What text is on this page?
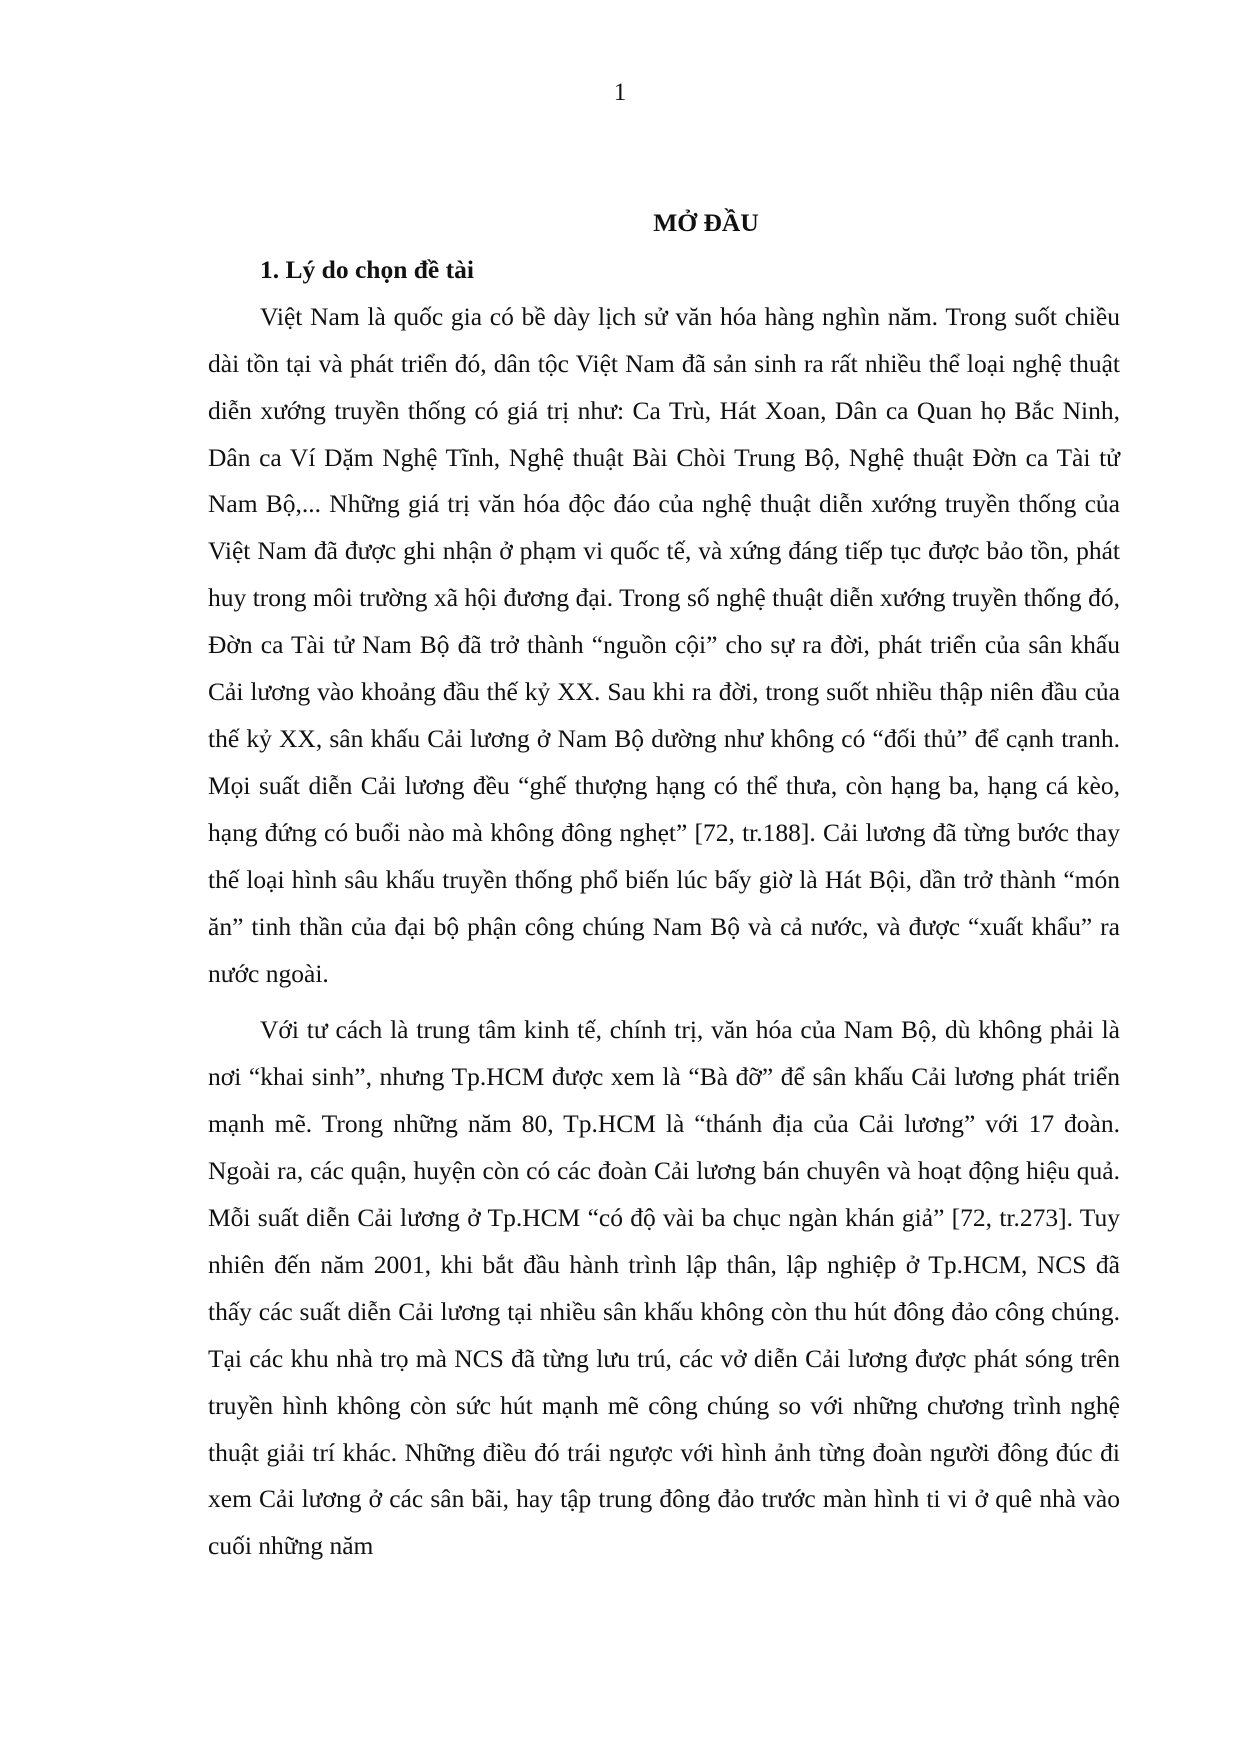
1
MỞ ĐẦU
1. Lý do chọn đề tài

Việt Nam là quốc gia có bề dày lịch sử văn hóa hàng nghìn năm. Trong suốt chiều dài tồn tại và phát triển đó, dân tộc Việt Nam đã sản sinh ra rất nhiều thể loại nghệ thuật diễn xướng truyền thống có giá trị như: Ca Trù, Hát Xoan, Dân ca Quan họ Bắc Ninh, Dân ca Ví Dặm Nghệ Tĩnh, Nghệ thuật Bài Chòi Trung Bộ, Nghệ thuật Đờn ca Tài tử Nam Bộ,... Những giá trị văn hóa độc đáo của nghệ thuật diễn xướng truyền thống của Việt Nam đã được ghi nhận ở phạm vi quốc tế, và xứng đáng tiếp tục được bảo tồn, phát huy trong môi trường xã hội đương đại. Trong số nghệ thuật diễn xướng truyền thống đó, Đờn ca Tài tử Nam Bộ đã trở thành “nguồn cội” cho sự ra đời, phát triển của sân khấu Cải lương vào khoảng đầu thế kỷ XX. Sau khi ra đời, trong suốt nhiều thập niên đầu của thế kỷ XX, sân khấu Cải lương ở Nam Bộ dường như không có “đối thủ” để cạnh tranh. Mọi suất diễn Cải lương đều “ghế thượng hạng có thể thưa, còn hạng ba, hạng cá kèo, hạng đứng có buổi nào mà không đông nghẹt” [72, tr.188]. Cải lương đã từng bước thay thế loại hình sâu khấu truyền thống phổ biến lúc bấy giờ là Hát Bội, dần trở thành “món ăn” tinh thần của đại bộ phận công chúng Nam Bộ và cả nước, và được “xuất khẩu” ra nước ngoài.

Với tư cách là trung tâm kinh tế, chính trị, văn hóa của Nam Bộ, dù không phải là nơi “khai sinh”, nhưng Tp.HCM được xem là “Bà đỡ” để sân khấu Cải lương phát triển mạnh mẽ. Trong những năm 80, Tp.HCM là “thánh địa của Cải lương” với 17 đoàn. Ngoài ra, các quận, huyện còn có các đoàn Cải lương bán chuyên và hoạt động hiệu quả. Mỗi suất diễn Cải lương ở Tp.HCM “có độ vài ba chục ngàn khán giả” [72, tr.273]. Tuy nhiên đến năm 2001, khi bắt đầu hành trình lập thân, lập nghiệp ở Tp.HCM, NCS đã thấy các suất diễn Cải lương tại nhiều sân khấu không còn thu hút đông đảo công chúng. Tại các khu nhà trọ mà NCS đã từng lưu trú, các vở diễn Cải lương được phát sóng trên truyền hình không còn sức hút mạnh mẽ công chúng so với những chương trình nghệ thuật giải trí khác. Những điều đó trái ngược với hình ảnh từng đoàn người đông đúc đi xem Cải lương ở các sân bãi, hay tập trung đông đảo trước màn hình ti vi ở quê nhà vào cuối những năm
